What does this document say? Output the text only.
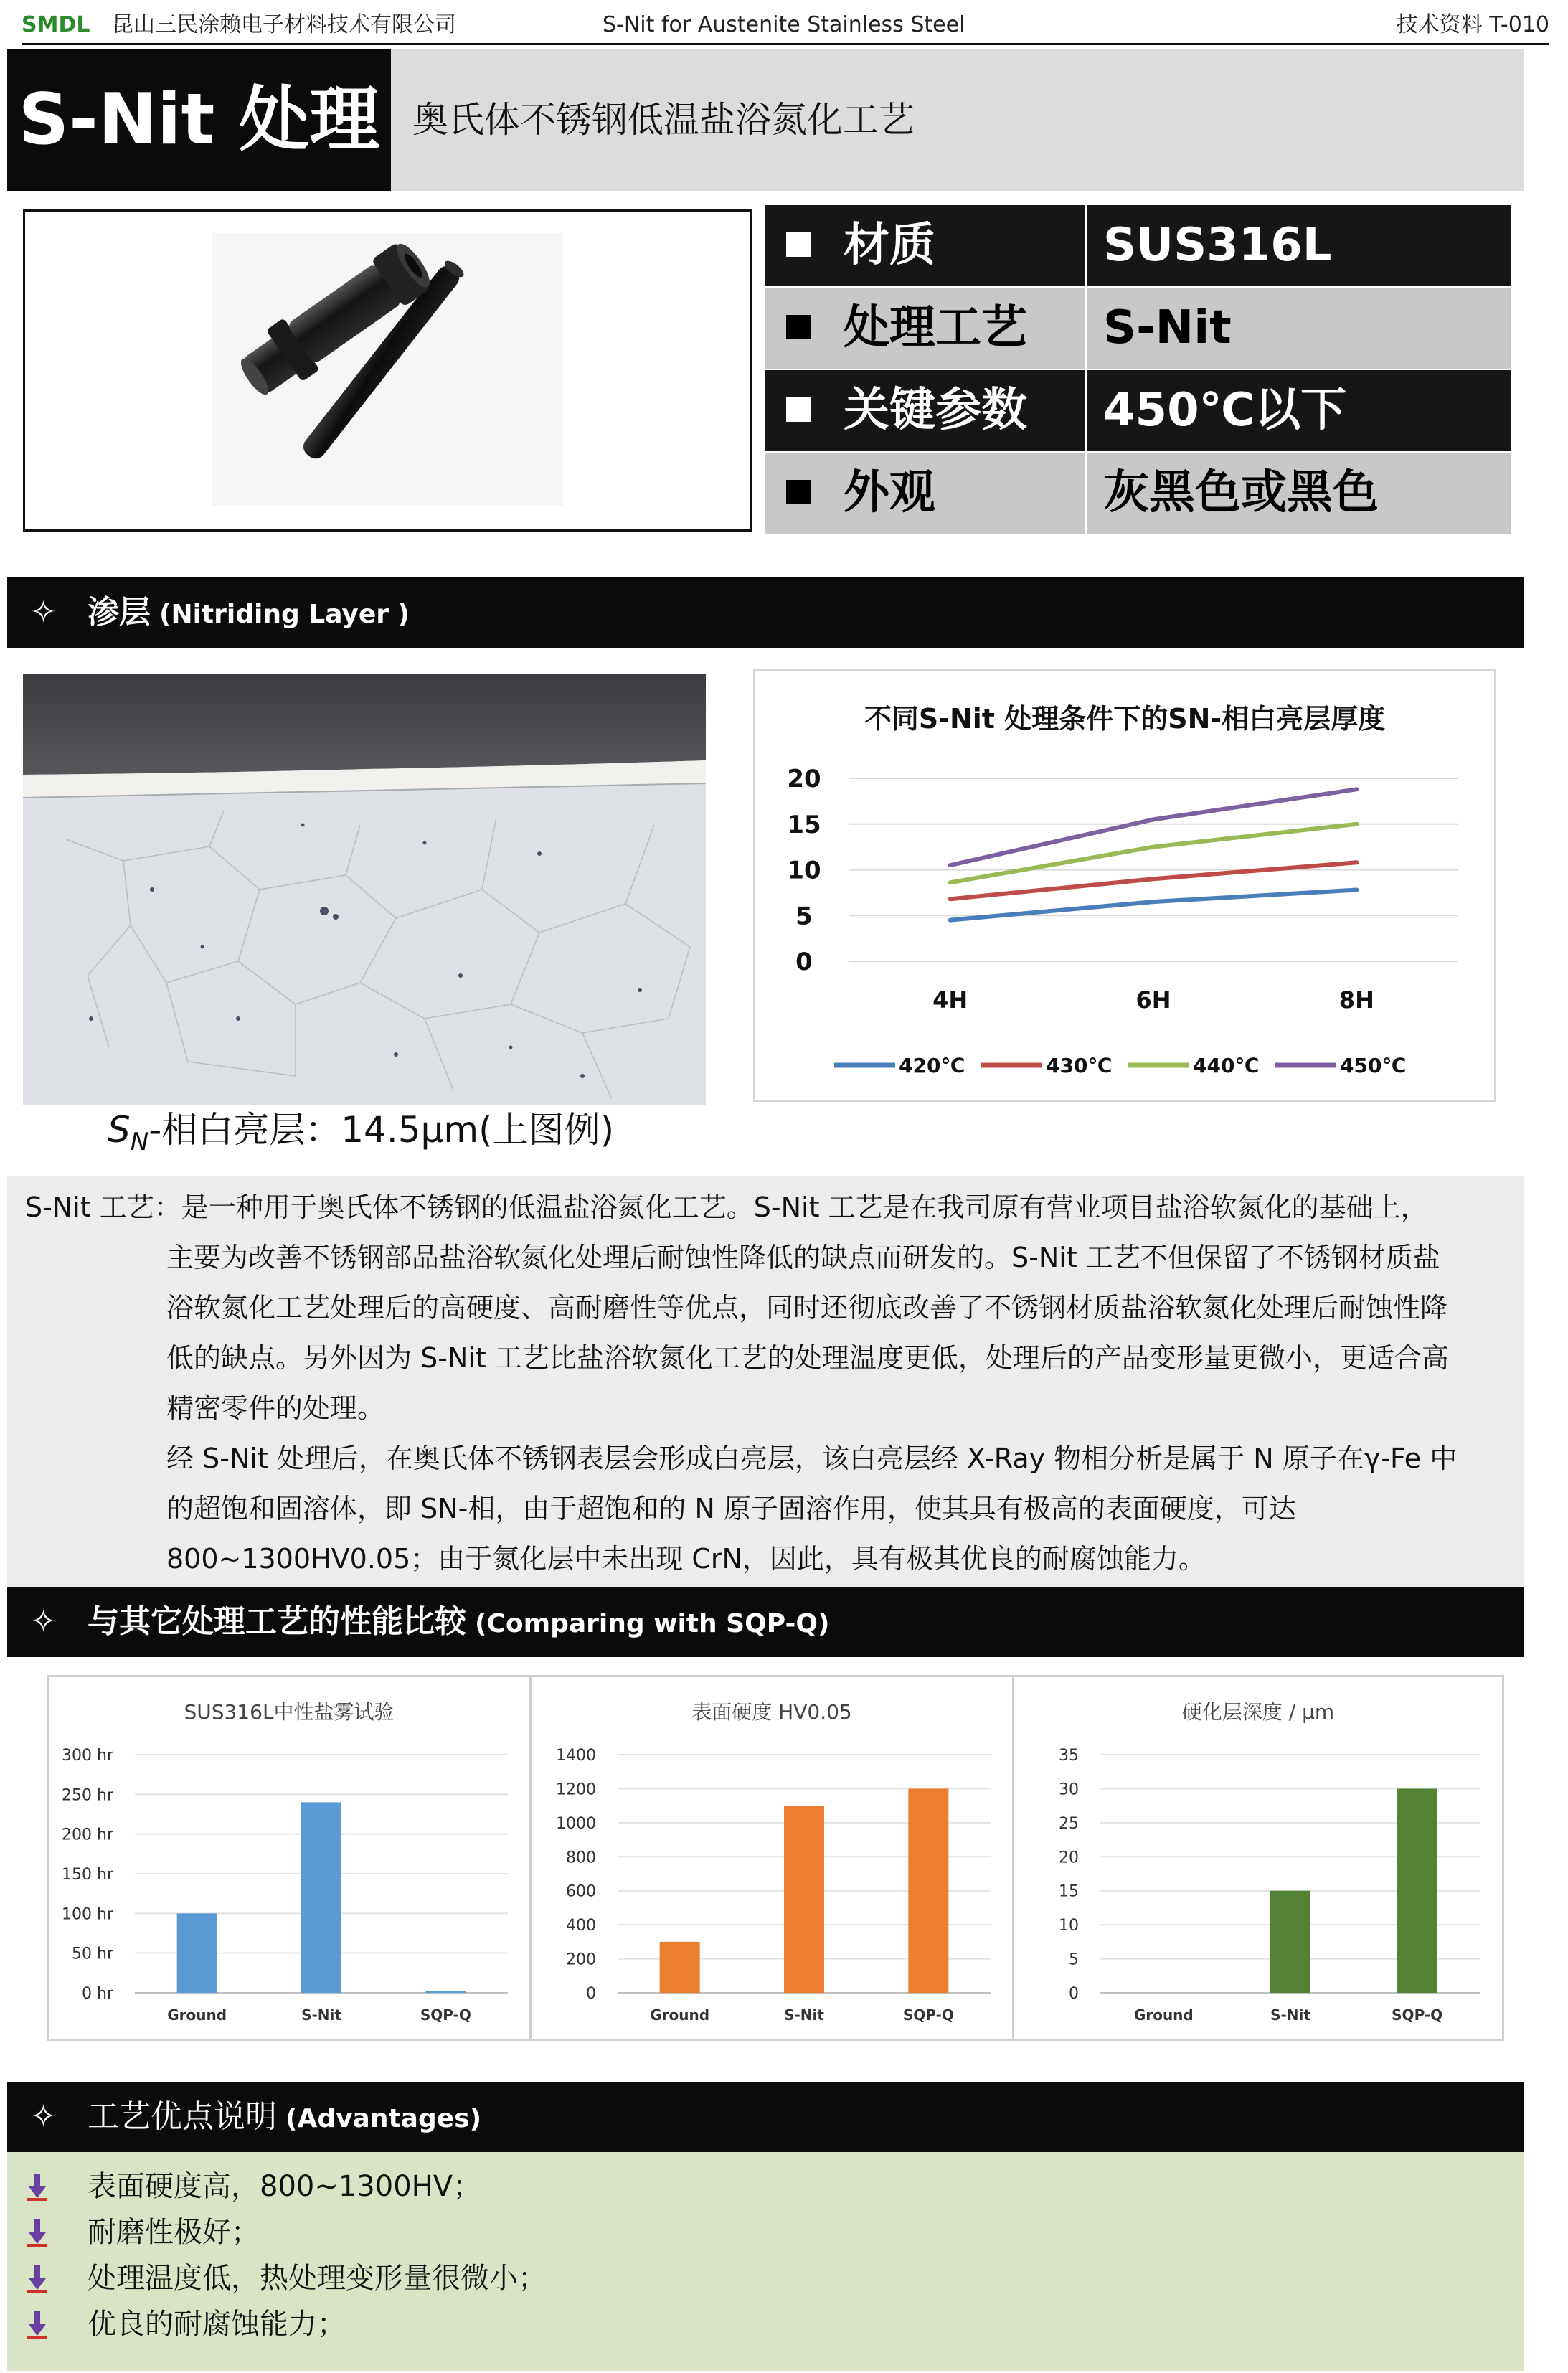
SMDL 昆山三民涂赖电子材料技术有限公司	S-Nit for Austenite Stainless Steel	技术资料 T-010
S-Nit 处理 奥氏体不锈钢低温盐浴氮化工艺
材质	SUS316L
处理工艺 S-Nit
关键参数 450℃以下
外观	灰黑色或黑色
✧ 渗层 (Nitriding Layer )
$S_N-$相白亮层：14.5μm(上图例)
不同S-Nit 处理条件下的SN-相白亮层厚度
0
5
10
15
20
4H	6H	8H
420℃	430℃	440℃	450℃
S-Nit 工艺：是一种用于奥氏体不锈钢的低温盐浴氮化工艺。S-Nit 工艺是在我司原有营业项目盐浴软氮化的基础上，
主要为改善不锈钢部品盐浴软氮化处理后耐蚀性降低的缺点而研发的。S-Nit 工艺不但保留了不锈钢材质盐
浴软氮化工艺处理后的高硬度、高耐磨性等优点，同时还彻底改善了不锈钢材质盐浴软氮化处理后耐蚀性降
低的缺点。另外因为 S-Nit 工艺比盐浴软氮化工艺的处理温度更低，处理后的产品变形量更微小，更适合高
精密零件的处理。
经 S-Nit 处理后，在奥氏体不锈钢表层会形成白亮层，该白亮层经 X-Ray 物相分析是属于 N 原子在γ-Fe 中
的超饱和固溶体，即 SN-相，由于超饱和的 N 原子固溶作用，使其具有极高的表面硬度，可达
800~1300HV0.05；由于氮化层中未出现 CrN，因此，具有极其优良的耐腐蚀能力。
✧ 与其它处理工艺的性能比较 (Comparing with SQP-Q)
SUS316L中性盐雾试验
0 hr
50 hr
100 hr
150 hr
200 hr
250 hr
300 hr
Ground	S-Nit	SQP-Q
表面硬度 HV0.05
0
200
400
600
800
1000
1200
1400
Ground	S-Nit	SQP-Q
硬化层深度 / μm
0
5
10
15
20
25
30
35
Ground	S-Nit	SQP-Q
✧ 工艺优点说明 (Advantages)
表面硬度高，800~1300HV；
耐磨性极好；
处理温度低，热处理变形量很微小；
优良的耐腐蚀能力；
